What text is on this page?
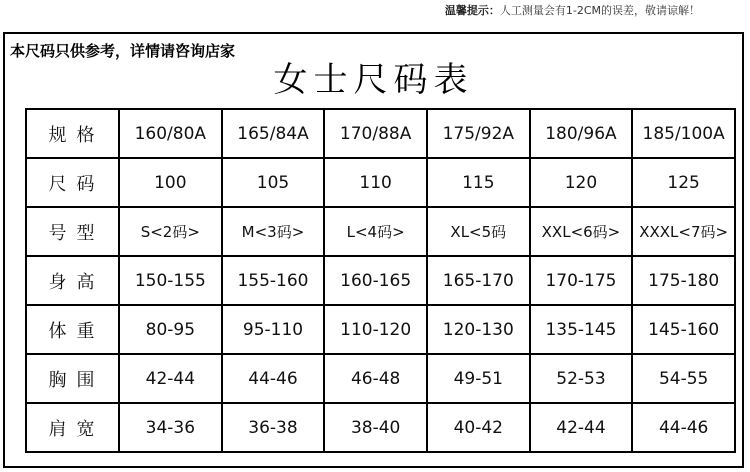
温馨提示：人工测量会有1-2CM的误差，敬请谅解！
本尺码只供参考，详情请咨询店家
女士尺码表
规格	160/80A	165/84A	170/88A	175/92A	180/96A	185/100A
尺码	100	105	110	115	120	125
号型	S<2码>	M<3码>	L<4码>	XL<5码	XXL<6码>	XXXL<7码>
身高	150-155	155-160	160-165	165-170	170-175	175-180
体重	80-95	95-110	110-120	120-130	135-145	145-160
胸围	42-44	44-46	46-48	49-51	52-53	54-55
肩宽	34-36	36-38	38-40	40-42	42-44	44-46
